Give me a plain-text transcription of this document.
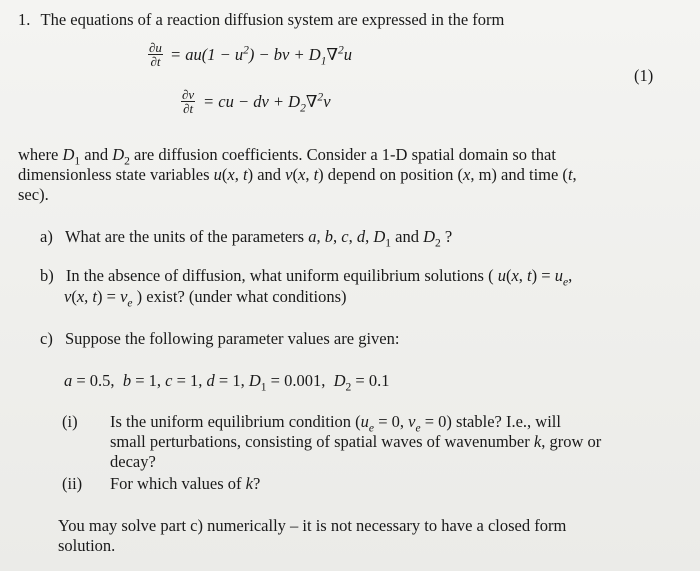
1. The equations of a reaction diffusion system are expressed in the form
$\frac{\partial u}{\partial t} = au(1 - u^2)$ − bv + $D_1\nabla^2u$
(1)
$\frac{\partial v}{\partial t}$ = cu − dv + $D_2\nabla^2v$
where $D_1$ and $D_2$ are diffusion coefficients. Consider a 1-D spatial domain so that
dimensionless state variables u(x, t) and v(x, t) depend on position (x, m) and time (t,
sec).
a) What are the units of the parameters a, b, c, d, $D_1$ and $D_2$ ?
b) In the absence of diffusion, what uniform equilibrium solutions ( u(x, $t) = u_e$,
v(x, $t) = v_e$ ) exist? (under what conditions)
c) Suppose the following parameter values are given:
a = 0.5,  b = 1, c = 1, d = 1, $D_1 = 0.001$,  $D_2 = 0.1$
(i) Is the uniform equilibrium condition ($u_e = 0$, $v_e = 0$) stable? I.e., will
small perturbations, consisting of spatial waves of wavenumber k, grow or
decay?
(ii) For which values of k?
You may solve part c) numerically – it is not necessary to have a closed form
solution.
